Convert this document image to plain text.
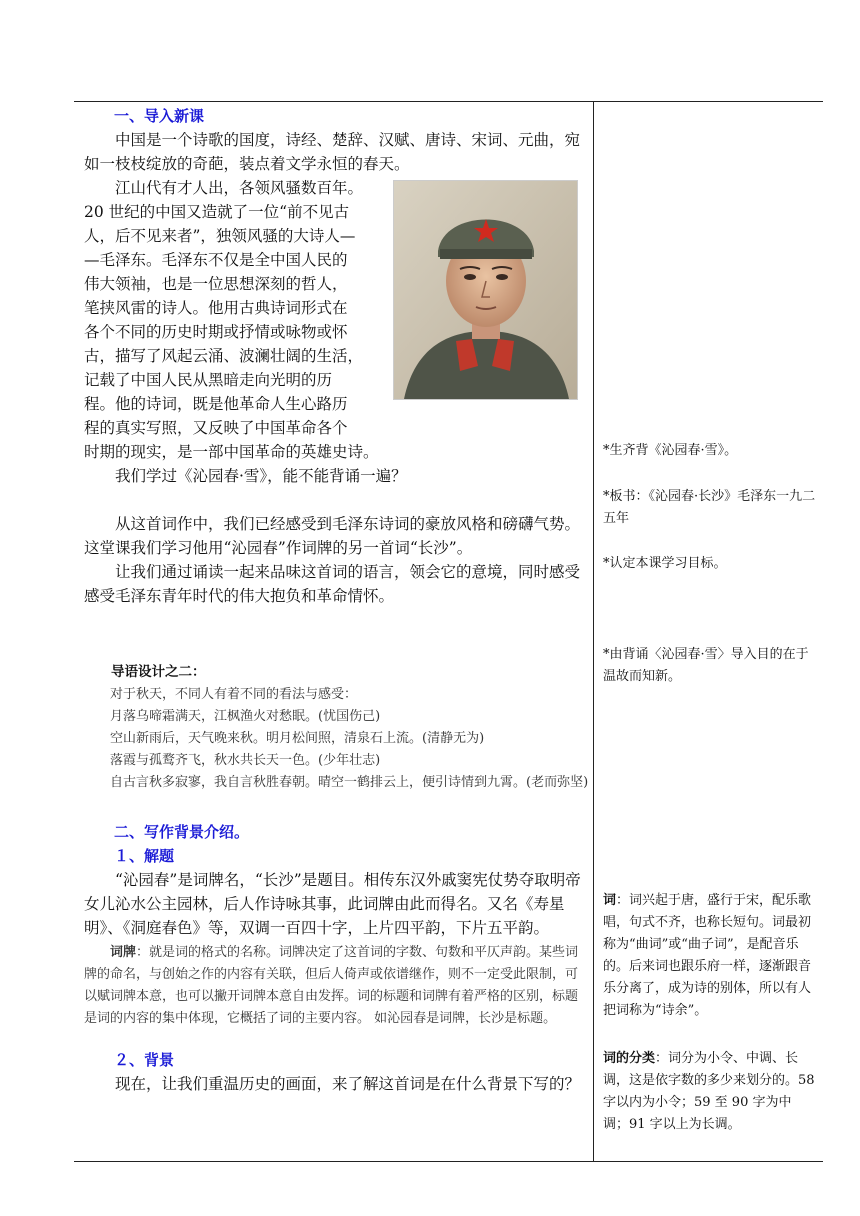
一、导入新课

中国是一个诗歌的国度，诗经、楚辞、汉赋、唐诗、宋词、元曲，宛如一枝枝绽放的奇葩，装点着文学永恒的春天。

江山代有才人出，各领风骚数百年。

20 世纪的中国又造就了一位“前不见古

人，后不见来者”，独领风骚的大诗人—

—毛泽东。毛泽东不仅是全中国人民的

伟大领袖，也是一位思想深刻的哲人，

笔挟风雷的诗人。他用古典诗词形式在

各个不同的历史时期或抒情或咏物或怀

古，描写了风起云涌、波澜壮阔的生活，

记载了中国人民从黑暗走向光明的历

程。他的诗词，既是他革命人生心路历

程的真实写照，又反映了中国革命各个

时期的现实，是一部中国革命的英雄史诗。

我们学过《沁园春·雪》，能不能背诵一遍？

从这首词作中，我们已经感受到毛泽东诗词的豪放风格和磅礴气势。这堂课我们学习他用“沁园春”作词牌的另一首词“长沙”。

让我们通过诵读一起来品味这首词的语言，领会它的意境，同时感受感受毛泽东青年时代的伟大抱负和革命情怀。

导语设计之二：

对于秋天，不同人有着不同的看法与感受：

月落乌啼霜满天，江枫渔火对愁眠。(忧国伤己)

空山新雨后，天气晚来秋。明月松间照，清泉石上流。(清静无为)

落霞与孤鹜齐飞，秋水共长天一色。(少年壮志)

自古言秋多寂寥，我自言秋胜春朝。晴空一鹤排云上，便引诗情到九霄。(老而弥坚)

二、写作背景介绍。

１、解题

“沁园春”是词牌名，“长沙”是题目。相传东汉外戚窦宪仗势夺取明帝女儿沁水公主园林，后人作诗咏其事，此词牌由此而得名。又名《寿星明》、《洞庭春色》等，双调一百四十字，上片四平韵，下片五平韵。

词牌：就是词的格式的名称。词牌决定了这首词的字数、句数和平仄声韵。某些词牌的命名，与创始之作的内容有关联，但后人倚声或依谱继作，则不一定受此限制，可以赋词牌本意，也可以撇开词牌本意自由发挥。词的标题和词牌有着严格的区别，标题是词的内容的集中体现，它概括了词的主要内容。 如沁园春是词牌，长沙是标题。

２、背景

现在，让我们重温历史的画面，来了解这首词是在什么背景下写的？

*生齐背《沁园春·雪》。
*板书：《沁园春·长沙》毛泽东一九二五年
*认定本课学习目标。
*由背诵〈沁园春·雪〉导入目的在于温故而知新。
词：词兴起于唐，盛行于宋，配乐歌唱，句式不齐，也称长短句。词最初称为“曲词”或“曲子词”，是配音乐的。后来词也跟乐府一样，逐渐跟音乐分离了，成为诗的别体，所以有人把词称为“诗余”。
词的分类：词分为小令、中调、长调，这是依字数的多少来划分的。58 字以内为小令；59 至 90 字为中调；91 字以上为长调。
